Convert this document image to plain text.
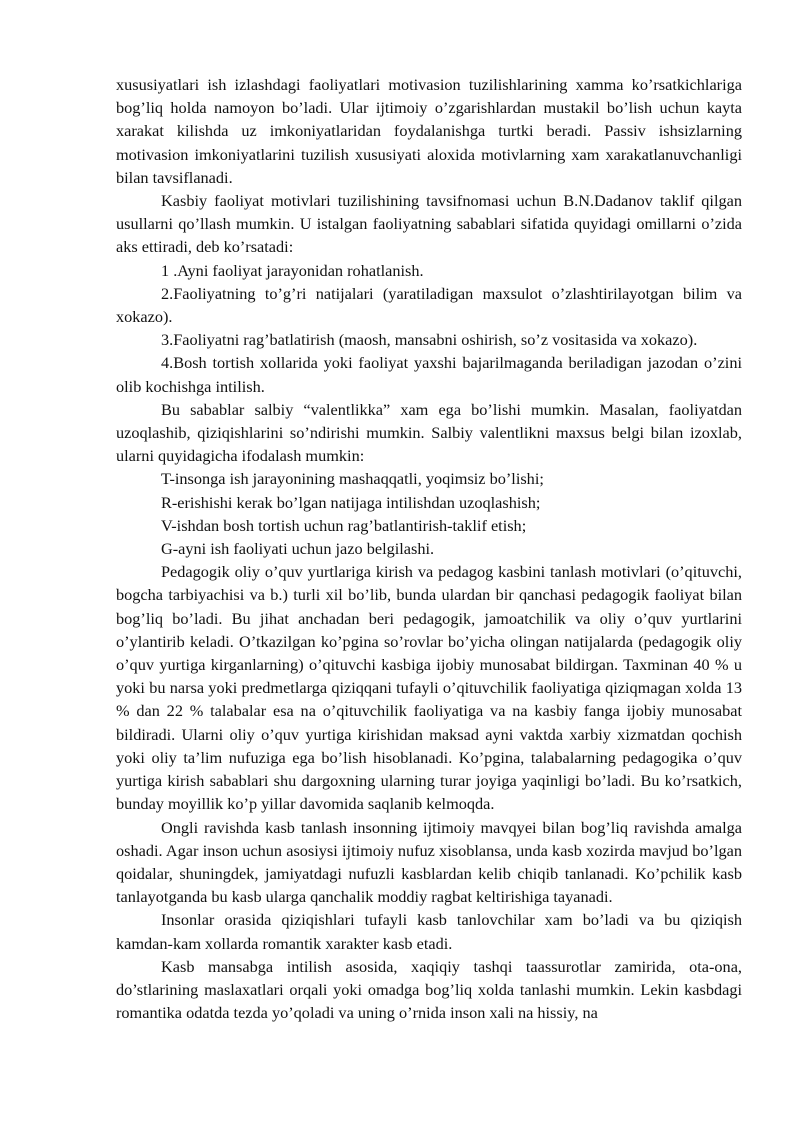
xususiyatlari ish izlashdagi faoliyatlari motivasion tuzilishlarining xamma ko’rsatkichlariga bog’liq holda namoyon bo’ladi. Ular ijtimoiy o’zgarishlardan mustakil bo’lish uchun kayta xarakat kilishda uz imkoniyatlaridan foydalanishga turtki beradi. Passiv ishsizlarning motivasion imkoniyatlarini tuzilish xususiyati aloxida motivlarning xam xarakatlanuvchanligi bilan tavsiflanadi.

Kasbiy faoliyat motivlari tuzilishining tavsifnomasi uchun B.N.Dadanov taklif qilgan usullarni qo’llash mumkin. U istalgan faoliyatning sabablari sifatida quyidagi omillarni o’zida aks ettiradi, deb ko’rsatadi:

1 .Ayni faoliyat jarayonidan rohatlanish.

2.Faoliyatning to’g’ri natijalari (yaratiladigan maxsulot o’zlashtirilayotgan bilim va xokazo).

3.Faoliyatni rag’batlatirish (maosh, mansabni oshirish, so’z vositasida va xokazo).

4.Bosh tortish xollarida yoki faoliyat yaxshi bajarilmaganda beriladigan jazodan o’zini olib kochishga intilish.

Bu sabablar salbiy “valentlikka” xam ega bo’lishi mumkin. Masalan, faoliyatdan uzoqlashib, qiziqishlarini so’ndirishi mumkin. Salbiy valentlikni maxsus belgi bilan izoxlab, ularni quyidagicha ifodalash mumkin:

T-insonga ish jarayonining mashaqqatli, yoqimsiz bo’lishi;

R-erishishi kerak bo’lgan natijaga intilishdan uzoqlashish;

V-ishdan bosh tortish uchun rag’batlantirish-taklif etish;

G-ayni ish faoliyati uchun jazo belgilashi.

Pedagogik oliy o’quv yurtlariga kirish va pedagog kasbini tanlash motivlari (o’qituvchi, bogcha tarbiyachisi va b.) turli xil bo’lib, bunda ulardan bir qanchasi pedagogik faoliyat bilan bog’liq bo’ladi. Bu jihat anchadan beri pedagogik, jamoatchilik va oliy o’quv yurtlarini o’ylantirib keladi. O’tkazilgan ko’pgina so’rovlar bo’yicha olingan natijalarda (pedagogik oliy o’quv yurtiga kirganlarning) o’qituvchi kasbiga ijobiy munosabat bildirgan. Taxminan 40 % u yoki bu narsa yoki predmetlarga qiziqqani tufayli o’qituvchilik faoliyatiga qiziqmagan xolda 13 % dan 22 % talabalar esa na o’qituvchilik faoliyatiga va na kasbiy fanga ijobiy munosabat bildiradi. Ularni oliy o’quv yurtiga kirishidan maksad ayni vaktda xarbiy xizmatdan qochish yoki oliy ta’lim nufuziga ega bo’lish hisoblanadi. Ko’pgina, talabalarning pedagogika o’quv yurtiga kirish sabablari shu dargoxning ularning turar joyiga yaqinligi bo’ladi. Bu ko’rsatkich, bunday moyillik ko’p yillar davomida saqlanib kelmoqda.

Ongli ravishda kasb tanlash insonning ijtimoiy mavqyei bilan bog’liq ravishda amalga oshadi. Agar inson uchun asosiysi ijtimoiy nufuz xisoblansa, unda kasb xozirda mavjud bo’lgan qoidalar, shuningdek, jamiyatdagi nufuzli kasblardan kelib chiqib tanlanadi. Ko’pchilik kasb tanlayotganda bu kasb ularga qanchalik moddiy ragbat keltirishiga tayanadi.

Insonlar orasida qiziqishlari tufayli kasb tanlovchilar xam bo’ladi va bu qiziqish kamdan-kam xollarda romantik xarakter kasb etadi.

Kasb mansabga intilish asosida, xaqiqiy tashqi taassurotlar zamirida, ota-ona, do’stlarining maslaxatlari orqali yoki omadga bog’liq xolda tanlashi mumkin. Lekin kasbdagi romantika odatda tezda yo’qoladi va uning o’rnida inson xali na hissiy, na
